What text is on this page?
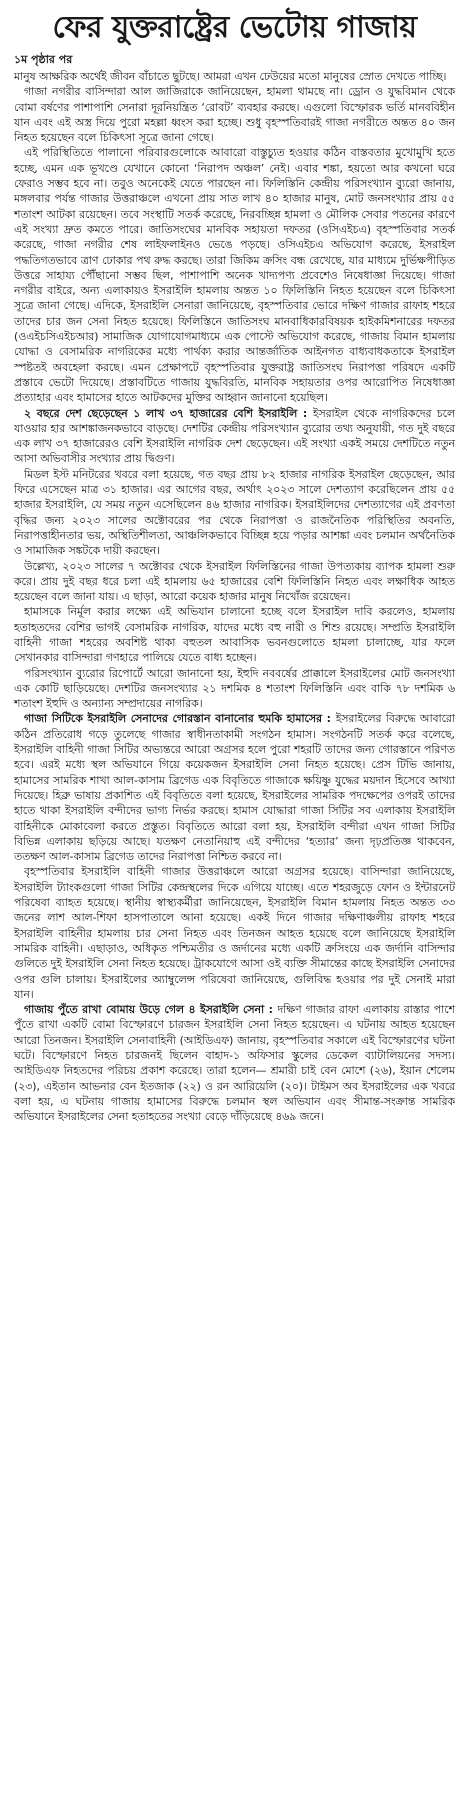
ফের যুক্তরাষ্ট্রের ভেটোয় গাজায়
১ম পৃষ্ঠার পর

মানুষ আক্ষরিক অর্থেই জীবন বাঁচাতে ছুটছে। আমরা এখন ঢেউয়ের মতো মানুষের স্রোত দেখতে পাচ্ছি।

গাজা নগরীর বাসিন্দারা আল জাজিরাকে জানিয়েছেন, হামলা থামছে না। ড্রোন ও যুদ্ধবিমান থেকে বোমা বর্ষণের পাশাপাশি সেনারা দূরনিয়ন্ত্রিত ‘রোবট’ ব্যবহার করছে। এগুলো বিস্ফোরক ভর্তি মানববিহীন যান এবং এই অস্ত্র দিয়ে পুরো মহল্লা ধ্বংস করা হচ্ছে। শুধু বৃহস্পতিবারই গাজা নগরীতে অন্তত ৪০ জন নিহত হয়েছেন বলে চিকিৎসা সূত্রে জানা গেছে।

এই পরিস্থিতিতে পালানো পরিবারগুলোকে আবারো বাস্তুচ্যুত হওয়ার কঠিন বাস্তবতার মুখোমুখি হতে হচ্ছে, এমন এক ভূখণ্ডে যেখানে কোনো ‘নিরাপদ অঞ্চল’ নেই। এবার শঙ্কা, হয়তো আর কখনো ঘরে ফেরাও সম্ভব হবে না। তবুও অনেকেই যেতে পারছেন না। ফিলিস্তিনি কেন্দ্রীয় পরিসংখ্যান ব্যুরো জানায়, মঙ্গলবার পর্যন্ত গাজার উত্তরাঞ্চলে এখনো প্রায় সাত লাখ ৪০ হাজার মানুষ, মোট জনসংখ্যার প্রায় ৫৫ শতাংশ আটকা রয়েছেন। তবে সংস্থাটি সতর্ক করেছে, নিরবচ্ছিন্ন হামলা ও মৌলিক সেবার পতনের কারণে এই সংখ্যা দ্রুত কমতে পারে। জাতিসংঘের মানবিক সহায়তা দফতর (ওসিএইচএ) বৃহস্পতিবার সতর্ক করেছে, গাজা নগরীর শেষ লাইফলাইনও ভেঙে পড়ছে। ওসিএইচএ অভিযোগ করেছে, ইসরাইল পদ্ধতিগতভাবে ত্রাণ ঢোকার পথ রুদ্ধ করছে। তারা জিকিম ক্রসিং বন্ধ রেখেছে, যার মাধ্যমে দুর্ভিক্ষপীড়িত উত্তরে সাহায্য পৌঁছানো সম্ভব ছিল, পাশাপাশি অনেক খাদ্যপণ্য প্রবেশেও নিষেধাজ্ঞা দিয়েছে। গাজা নগরীর বাইরে, অন্য এলাকায়ও ইসরাইলি হামলায় অন্তত ১০ ফিলিস্তিনি নিহত হয়েছেন বলে চিকিৎসা সূত্রে জানা গেছে। এদিকে, ইসরাইলি সেনারা জানিয়েছে, বৃহস্পতিবার ভোরে দক্ষিণ গাজার রাফাহ শহরে তাদের চার জন সেনা নিহত হয়েছে। ফিলিস্তিনে জাতিসংঘ মানবাধিকারবিষয়ক হাইকমিশনারের দফতর (ওএইচসিএইচআর) সামাজিক যোগাযোগমাধ্যমে এক পোস্টে অভিযোগ করেছে, গাজায় বিমান হামলায় যোদ্ধা ও বেসামরিক নাগরিকের মধ্যে পার্থক্য করার আন্তর্জাতিক আইনগত বাধ্যবাধকতাকে ইসরাইল স্পষ্টতই অবহেলা করছে। এমন প্রেক্ষাপটে বৃহস্পতিবার যুক্তরাষ্ট্র জাতিসংঘ নিরাপত্তা পরিষদে একটি প্রস্তাবে ভেটো দিয়েছে। প্রস্তাবটিতে গাজায় যুদ্ধবিরতি, মানবিক সহায়তার ওপর আরোপিত নিষেধাজ্ঞা প্রত্যাহার এবং হামাসের হাতে আটকদের মুক্তির আহ্বান জানানো হয়েছিল।

২ বছরে দেশ ছেড়েছেন ১ লাখ ৩৭ হাজারের বেশি ইসরাইলি : ইসরাইল থেকে নাগরিকদের চলে যাওয়ার হার আশঙ্কাজনকভাবে বাড়ছে। দেশটির কেন্দ্রীয় পরিসংখ্যান ব্যুরোর তথ্য অনুযায়ী, গত দুই বছরে এক লাখ ৩৭ হাজারেরও বেশি ইসরাইলি নাগরিক দেশ ছেড়েছেন। এই সংখ্যা একই সময়ে দেশটিতে নতুন আসা অভিবাসীর সংখ্যার প্রায় দ্বিগুণ।

মিডল ইস্ট মনিটরের খবরে বলা হয়েছে, গত বছর প্রায় ৮২ হাজার নাগরিক ইসরাইল ছেড়েছেন, আর ফিরে এসেছেন মাত্র ৩১ হাজার। এর আগের বছর, অর্থাৎ ২০২৩ সালে দেশত্যাগ করেছিলেন প্রায় ৫৫ হাজার ইসরাইলি, যে সময় নতুন এসেছিলেন ৪৬ হাজার নাগরিক। ইসরাইলিদের দেশত্যাগের এই প্রবণতা বৃদ্ধির জন্য ২০২৩ সালের অক্টোবরের পর থেকে নিরাপত্তা ও রাজনৈতিক পরিস্থিতির অবনতি, নিরাপত্তাহীনতার ভয়, অস্থিতিশীলতা, আঞ্চলিকভাবে বিচ্ছিন্ন হয়ে পড়ার আশঙ্কা এবং চলমান অর্থনৈতিক ও সামাজিক সঙ্কটকে দায়ী করছেন।

উল্লেখ্য, ২০২৩ সালের ৭ অক্টোবর থেকে ইসরাইল ফিলিস্তিনের গাজা উপত্যকায় ব্যাপক হামলা শুরু করে। প্রায় দুই বছর ধরে চলা এই হামলায় ৬৫ হাজারের বেশি ফিলিস্তিনি নিহত এবং লক্ষাধিক আহত হয়েছেন বলে জানা যায়। এ ছাড়া, আরো কয়েক হাজার মানুষ নিখোঁজ রয়েছেন।

হামাসকে নির্মূল করার লক্ষ্যে এই অভিযান চালানো হচ্ছে বলে ইসরাইল দাবি করলেও, হামলায় হতাহতদের বেশির ভাগই বেসামরিক নাগরিক, যাদের মধ্যে বহু নারী ও শিশু রয়েছে। সম্প্রতি ইসরাইলি বাহিনী গাজা শহরের অবশিষ্ট থাকা বহুতল আবাসিক ভবনগুলোতে হামলা চালাচ্ছে, যার ফলে সেখানকার বাসিন্দারা গণহারে পালিয়ে যেতে বাধ্য হচ্ছেন।

পরিসংখ্যান ব্যুরোর রিপোর্টে আরো জানানো হয়, ইহুদি নববর্ষের প্রাক্কালে ইসরাইলের মোট জনসংখ্যা এক কোটি ছাড়িয়েছে। দেশটির জনসংখ্যার ২১ দশমিক ৪ শতাংশ ফিলিস্তিনি এবং বাকি ৭৮ দশমিক ৬ শতাংশ ইহুদি ও অন্যান্য সম্প্রদায়ের নাগরিক।

গাজা সিটিকে ইসরাইলি সেনাদের গোরস্তান বানানোর হুমকি হামাসের : ইসরাইলের বিরুদ্ধে আবারো কঠিন প্রতিরোধ গড়ে তুলেছে গাজার স্বাধীনতাকামী সংগঠন হামাস। সংগঠনটি সতর্ক করে বলেছে, ইসরাইলি বাহিনী গাজা সিটির অভ্যন্তরে আরো অগ্রসর হলে পুরো শহরটি তাদের জন্য গোরস্তানে পরিণত হবে। এরই মধ্যে স্থল অভিযানে গিয়ে কয়েকজন ইসরাইলি সেনা নিহত হয়েছে। প্রেস টিভি জানায়, হামাসের সামরিক শাখা আল-কাসাম ব্রিগেড এক বিবৃতিতে গাজাকে ক্ষয়িষ্ণু যুদ্ধের ময়দান হিসেবে আখ্যা দিয়েছে। হিব্রু ভাষায় প্রকাশিত এই বিবৃতিতে বলা হয়েছে, ইসরাইলের সামরিক পদক্ষেপের ওপরই তাদের হাতে থাকা ইসরাইলি বন্দীদের ভাগ্য নির্ভর করছে। হামাস যোদ্ধারা গাজা সিটির সব এলাকায় ইসরাইলি বাহিনীকে মোকাবেলা করতে প্রস্তুত। বিবৃতিতে আরো বলা হয়, ইসরাইলি বন্দীরা এখন গাজা সিটির বিভিন্ন এলাকায় ছড়িয়ে আছে। যতক্ষণ নেতানিয়াহু এই বন্দীদের ‘হত্যার’ জন্য দৃঢ়প্রতিজ্ঞ থাকবেন, ততক্ষণ আল-কাসাম ব্রিগেড তাদের নিরাপত্তা নিশ্চিত করবে না।

বৃহস্পতিবার ইসরাইলি বাহিনী গাজার উত্তরাঞ্চলে আরো অগ্রসর হয়েছে। বাসিন্দারা জানিয়েছে, ইসরাইলি ট্যাংকগুলো গাজা সিটির কেন্দ্রস্থলের দিকে এগিয়ে যাচ্ছে। এতে শহরজুড়ে ফোন ও ইন্টারনেট পরিষেবা ব্যাহত হয়েছে। স্থানীয় স্বাস্থ্যকর্মীরা জানিয়েছেন, ইসরাইলি বিমান হামলায় নিহত অন্তত ৩৩ জনের লাশ আল-শিফা হাসপাতালে আনা হয়েছে। একই দিনে গাজার দক্ষিণাঞ্চলীয় রাফাহ শহরে ইসরাইলি বাহিনীর হামলায় চার সেনা নিহত এবং তিনজন আহত হয়েছে বলে জানিয়েছে ইসরাইলি সামরিক বাহিনী। এছাড়াও, অধিকৃত পশ্চিমতীর ও জর্দানের মধ্যে একটি ক্রসিংয়ে এক জর্দানি বাসিন্দার গুলিতে দুই ইসরাইলি সেনা নিহত হয়েছে। ট্রাকযোগে আসা ওই ব্যক্তি সীমান্তের কাছে ইসরাইলি সেনাদের ওপর গুলি চালায়। ইসরাইলের অ্যাম্বুলেন্স পরিষেবা জানিয়েছে, গুলিবিদ্ধ হওয়ার পর দুই সেনাই মারা যান।

গাজায় পুঁতে রাখা বোমায় উড়ে গেল ৪ ইসরাইলি সেনা : দক্ষিণ গাজার রাফা এলাকায় রাস্তার পাশে পুঁতে রাখা একটি বোমা বিস্ফোরণে চারজন ইসরাইলি সেনা নিহত হয়েছেন। এ ঘটনায় আহত হয়েছেন আরো তিনজন। ইসরাইলি সেনাবাহিনী (আইডিএফ) জানায়, বৃহস্পতিবার সকালে এই বিস্ফোরণের ঘটনা ঘটে। বিস্ফোরণে নিহত চারজনই ছিলেন বাহাদ-১ অফিসার স্কুলের ডেকেল ব্যাটালিয়নের সদস্য। আইডিএফ নিহতদের পরিচয় প্রকাশ করেছে। তারা হলেন— শ্রমারী চাই বেন মোশে (২৬), ইয়ান শেলেম (২৩), এইতান আভনার বেন ইতজাক (২২) ও রন আরিয়েলি (২০)। টাইমস অব ইসরাইলের এক খবরে বলা হয়, এ ঘটনায় গাজায় হামাসের বিরুদ্ধে চলমান স্থল অভিযান এবং সীমান্ত-সংক্রান্ত সামরিক অভিযানে ইসরাইলের সেনা হতাহতের সংখ্যা বেড়ে দাঁড়িয়েছে ৪৬৯ জনে।
